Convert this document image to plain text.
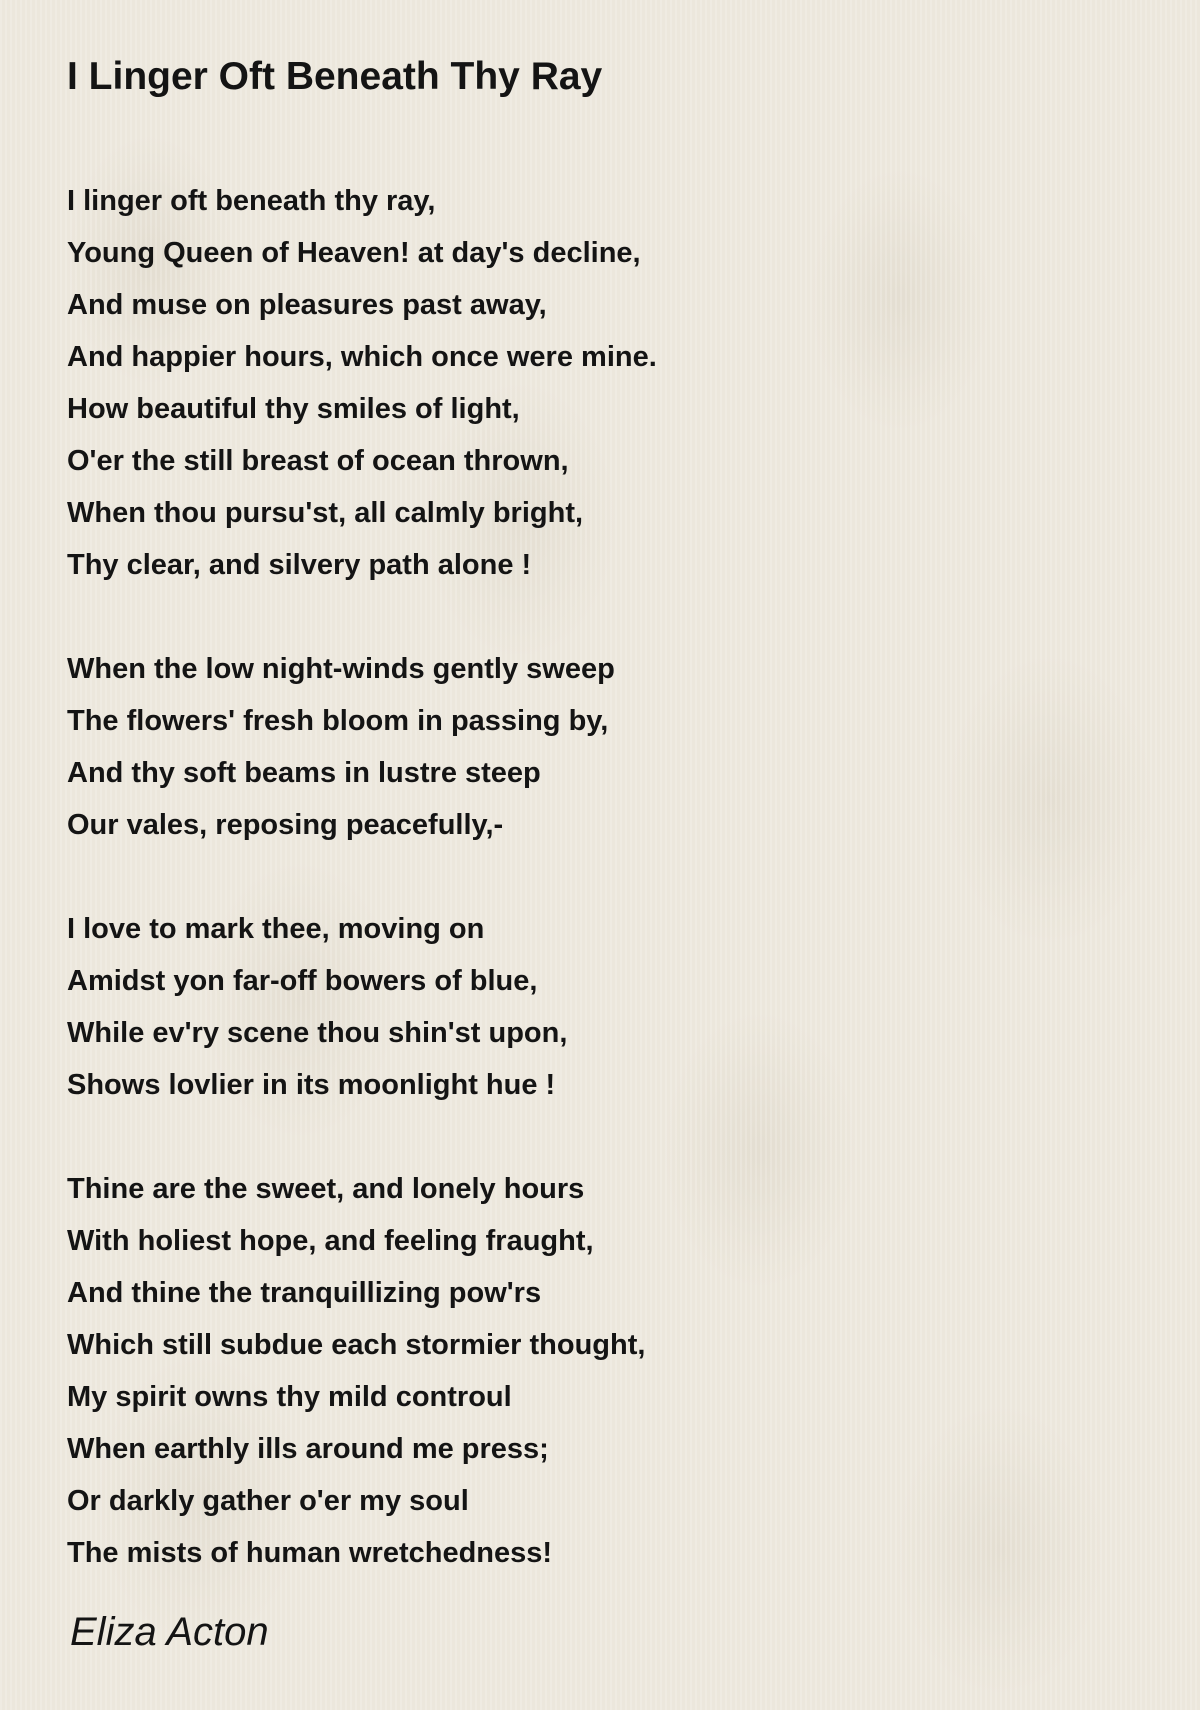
I Linger Oft Beneath Thy Ray
I linger oft beneath thy ray,
Young Queen of Heaven! at day's decline,
And muse on pleasures past away,
And happier hours, which once were mine.
How beautiful thy smiles of light,
O'er the still breast of ocean thrown,
When thou pursu'st, all calmly bright,
Thy clear, and silvery path alone !
When the low night-winds gently sweep
The flowers' fresh bloom in passing by,
And thy soft beams in lustre steep
Our vales, reposing peacefully,-
I love to mark thee, moving on
Amidst yon far-off bowers of blue,
While ev'ry scene thou shin'st upon,
Shows lovlier in its moonlight hue !
Thine are the sweet, and lonely hours
With holiest hope, and feeling fraught,
And thine the tranquillizing pow'rs
Which still subdue each stormier thought,
My spirit owns thy mild controul
When earthly ills around me press;
Or darkly gather o'er my soul
The mists of human wretchedness!

Eliza Acton
